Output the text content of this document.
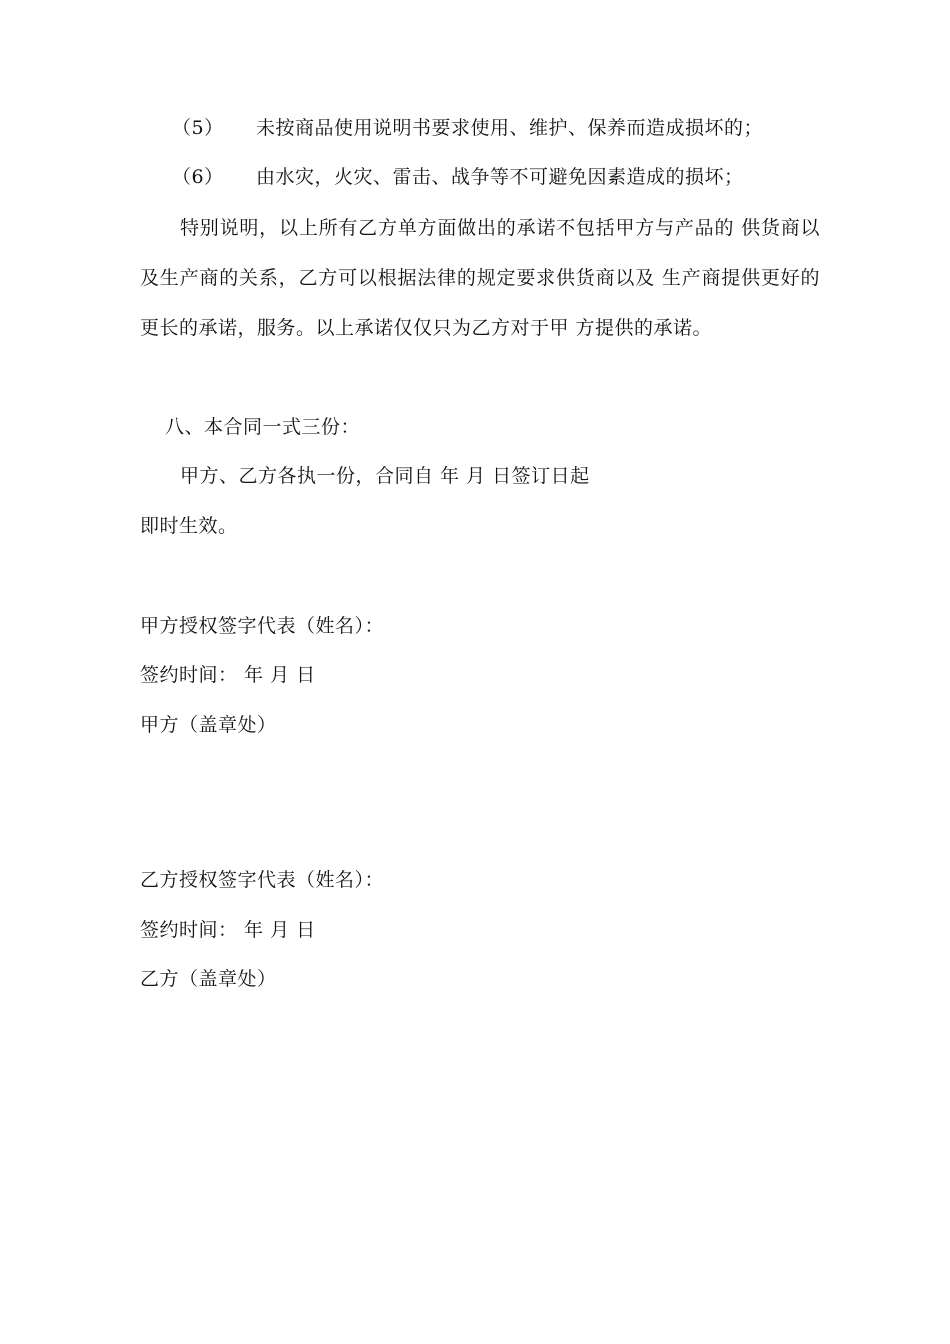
（5） 未按商品使用说明书要求使用、维护、保养而造成损坏的；
（6） 由水灾，火灾、雷击、战争等不可避免因素造成的损坏；
特别说明，以上所有乙方单方面做出的承诺不包括甲方与产品的 供货商以及生产商的关系，乙方可以根据法律的规定要求供货商以及 生产商提供更好的更长的承诺，服务。以上承诺仅仅只为乙方对于甲 方提供的承诺。
八、本合同一式三份：
甲方、乙方各执一份，合同自 年 月 日签订日起
即时生效。
甲方授权签字代表（姓名）：
签约时间： 年 月 日
甲方（盖章处）
乙方授权签字代表（姓名）：
签约时间： 年 月 日
乙方（盖章处）
